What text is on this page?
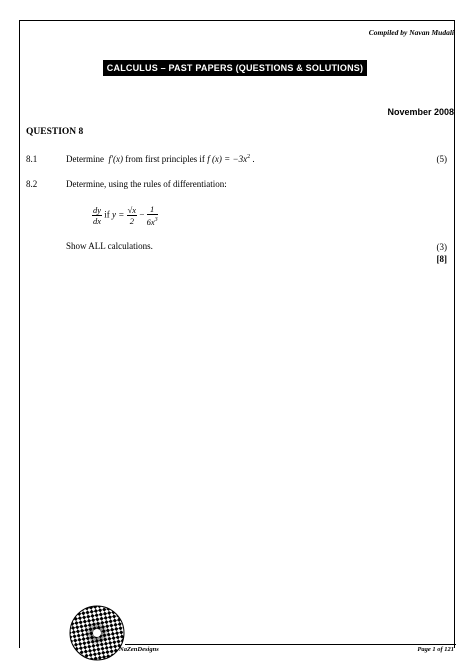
Compiled by Navan Mudali
CALCULUS – PAST PAPERS (QUESTIONS & SOLUTIONS)
November 2008
QUESTION 8
8.1	Determine f′(x) from first principles if f $(x) = -3x^2$ .	(5)
8.2	Determine, using the rules of differentiation:
$\frac{dy}{dx}$ if $y = \frac{√x}{2} - \frac{1}{6x^3}$
Show ALL calculations.	(3)
[8]
NaZenDesigns	Page 1 of 121
